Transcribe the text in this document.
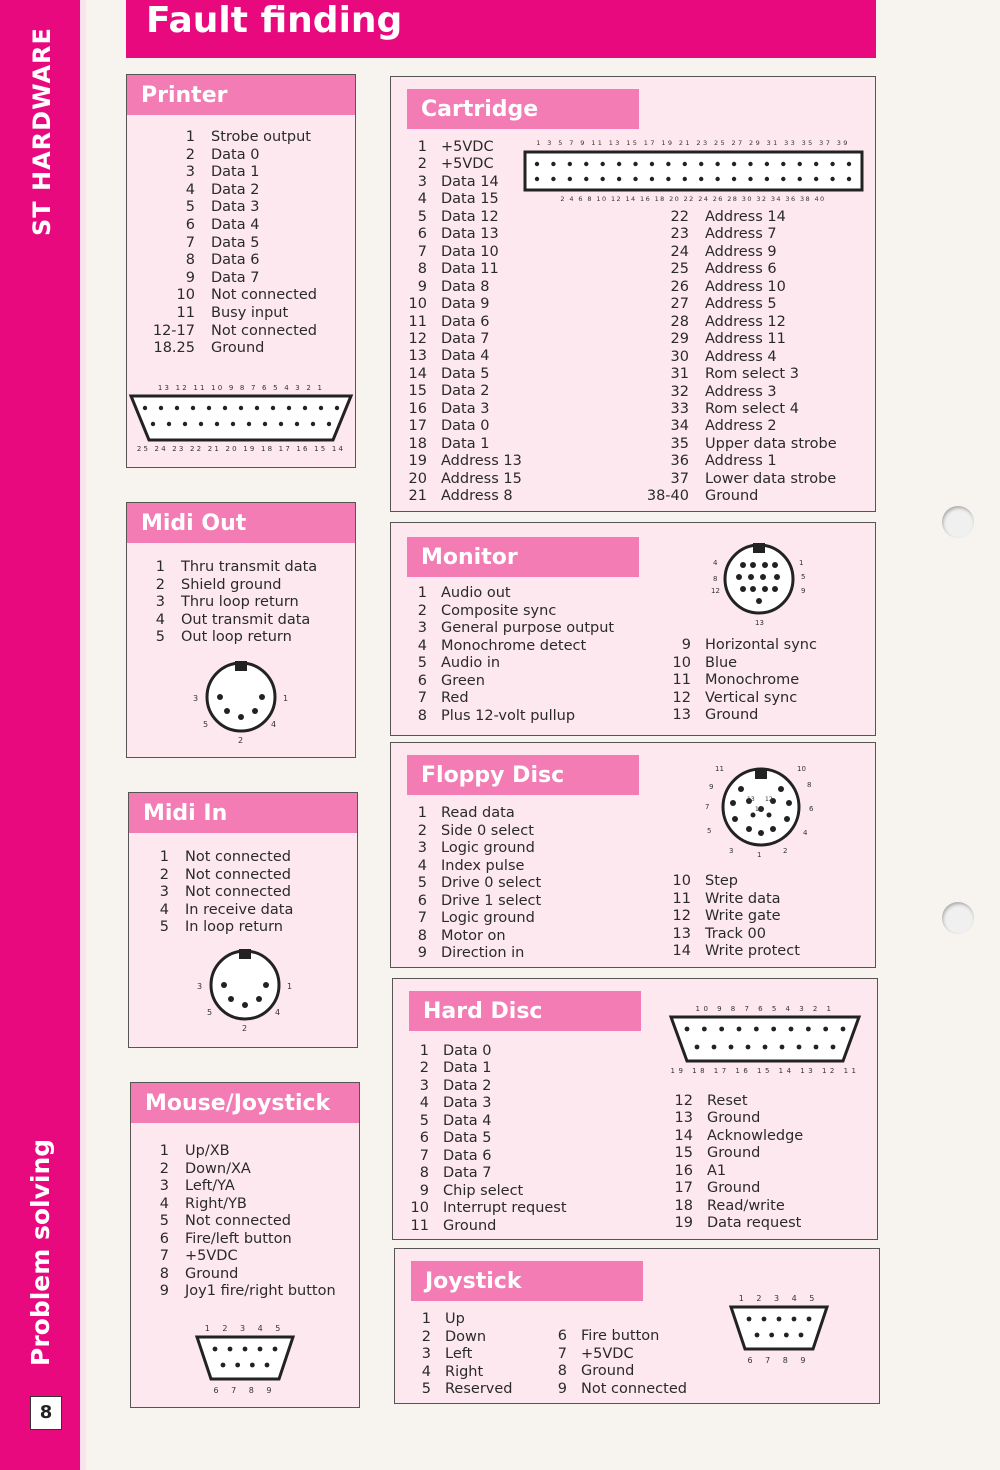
ST HARDWARE
Problem solving
8
Fault finding
Printer
1 Strobe output
2 Data 0
3 Data 1
4 Data 2
5 Data 3
6 Data 4
7 Data 5
8 Data 6
9 Data 7
10 Not connected
11 Busy input
12-17 Not connected
18.25 Ground
13 12 11 10 9 8 7 6 5 4 3 2 1
25 24 23 22 21 20 19 18 17 16 15 14
Midi Out
1 Thru transmit data
2 Shield ground
3 Thru loop return
4 Out transmit data
5 Out loop return
3	1
5	4
2
Midi In
1 Not connected
2 Not connected
3 Not connected
4 In receive data
5 In loop return
3	1
5	4
2
Mouse/Joystick
1 Up/XB
2 Down/XA
3 Left/YA
4 Right/YB
5 Not connected
6 Fire/left button
7 +5VDC
8 Ground
9 Joy1 fire/right button
1 2 3 4 5
6 7 8 9
Cartridge
1 +5VDC
2 +5VDC
3 Data 14
4 Data 15
5 Data 12
6 Data 13
7 Data 10
8 Data 11
9 Data 8
10 Data 9
11 Data 6
12 Data 7
13 Data 4
14 Data 5
15 Data 2
16 Data 3
17 Data 0
18 Data 1
19 Address 13
20 Address 15
21 Address 8
22 Address 14
23 Address 7
24 Address 9
25 Address 6
26 Address 10
27 Address 5
28 Address 12
29 Address 11
30 Address 4
31 Rom select 3
32 Address 3
33 Rom select 4
34 Address 2
35 Upper data strobe
36 Address 1
37 Lower data strobe
38-40 Ground
1 3 5 7 9 11 13 15 17 19 21 23 25 27 29 31 33 35 37 39
2 4 6 8 10 12 14 16 18 20 22 24 26 28 30 32 34 36 38 40
Monitor
1 Audio out
2 Composite sync
3 General purpose output
4 Monochrome detect
5 Audio in
6 Green
7 Red
8 Plus 12-volt pullup
9 Horizontal sync
10 Blue
11 Monochrome
12 Vertical sync
13 Ground
4
8
12
1
5
9
13
Floppy Disc
1 Read data
2 Side 0 select
3 Logic ground
4 Index pulse
5 Drive 0 select
6 Drive 1 select
7 Logic ground
8 Motor on
9 Direction in
10 Step
11 Write data
12 Write gate
13 Track 00
14 Write protect
11	10
9	8
7	6
5	4
3	1	2
13 12
14
Hard Disc
1 Data 0
2 Data 1
3 Data 2
4 Data 3
5 Data 4
6 Data 5
7 Data 6
8 Data 7
9 Chip select
10 Interrupt request
11 Ground
12 Reset
13 Ground
14 Acknowledge
15 Ground
16 A1
17 Ground
18 Read/write
19 Data request
10 9 8 7 6 5 4 3 2 1
19 18 17 16 15 14 13 12 11
Joystick
1 Up
2 Down
3 Left
4 Right
5 Reserved
6 Fire button
7 +5VDC
8 Ground
9 Not connected
1 2 3 4 5
6 7 8 9
